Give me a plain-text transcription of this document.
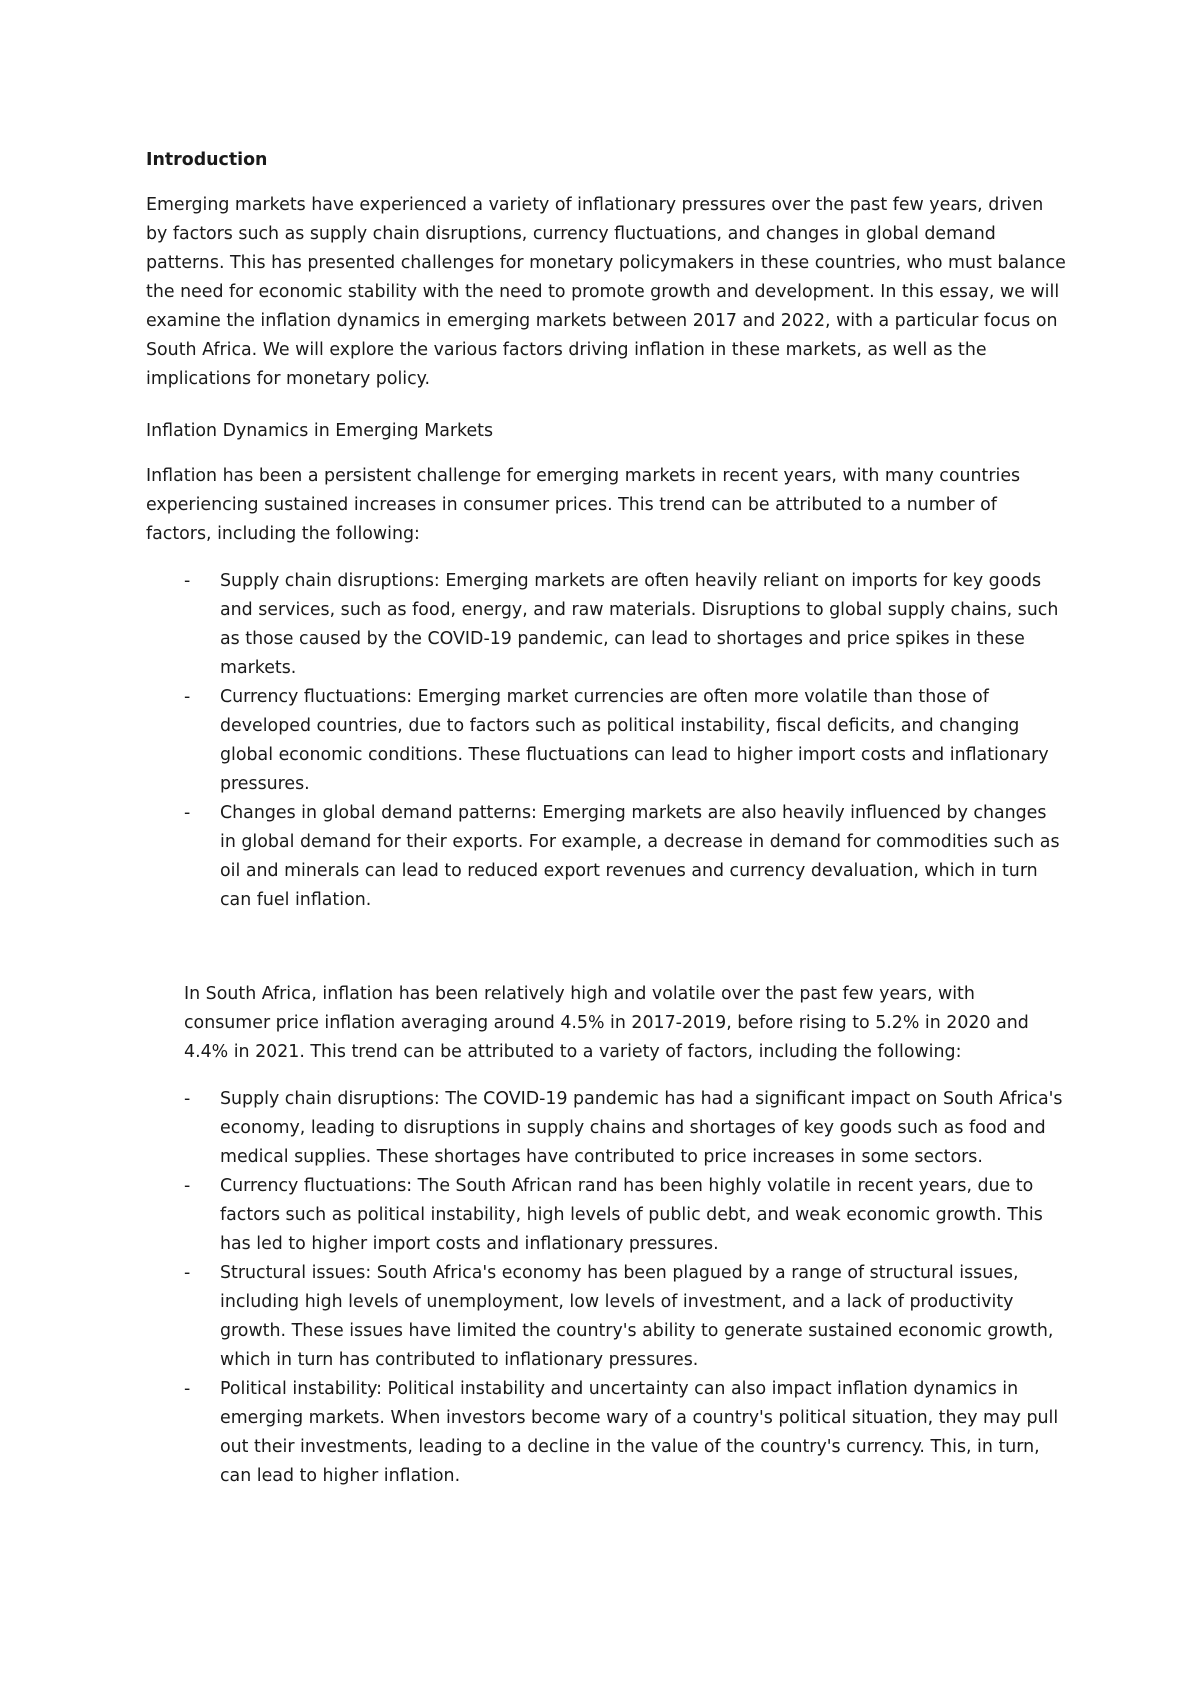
Introduction

Emerging markets have experienced a variety of inflationary pressures over the past few years, driven by factors such as supply chain disruptions, currency fluctuations, and changes in global demand patterns. This has presented challenges for monetary policymakers in these countries, who must balance the need for economic stability with the need to promote growth and development. In this essay, we will examine the inflation dynamics in emerging markets between 2017 and 2022, with a particular focus on South Africa. We will explore the various factors driving inflation in these markets, as well as the implications for monetary policy.

Inflation Dynamics in Emerging Markets

Inflation has been a persistent challenge for emerging markets in recent years, with many countries experiencing sustained increases in consumer prices. This trend can be attributed to a number of factors, including the following:

- Supply chain disruptions: Emerging markets are often heavily reliant on imports for key goods and services, such as food, energy, and raw materials. Disruptions to global supply chains, such as those caused by the COVID-19 pandemic, can lead to shortages and price spikes in these markets.
- Currency fluctuations: Emerging market currencies are often more volatile than those of developed countries, due to factors such as political instability, fiscal deficits, and changing global economic conditions. These fluctuations can lead to higher import costs and inflationary pressures.
- Changes in global demand patterns: Emerging markets are also heavily influenced by changes in global demand for their exports. For example, a decrease in demand for commodities such as oil and minerals can lead to reduced export revenues and currency devaluation, which in turn can fuel inflation.

In South Africa, inflation has been relatively high and volatile over the past few years, with consumer price inflation averaging around 4.5% in 2017-2019, before rising to 5.2% in 2020 and 4.4% in 2021. This trend can be attributed to a variety of factors, including the following:

- Supply chain disruptions: The COVID-19 pandemic has had a significant impact on South Africa's economy, leading to disruptions in supply chains and shortages of key goods such as food and medical supplies. These shortages have contributed to price increases in some sectors.
- Currency fluctuations: The South African rand has been highly volatile in recent years, due to factors such as political instability, high levels of public debt, and weak economic growth. This has led to higher import costs and inflationary pressures.
- Structural issues: South Africa's economy has been plagued by a range of structural issues, including high levels of unemployment, low levels of investment, and a lack of productivity growth. These issues have limited the country's ability to generate sustained economic growth, which in turn has contributed to inflationary pressures.
- Political instability: Political instability and uncertainty can also impact inflation dynamics in emerging markets. When investors become wary of a country's political situation, they may pull out their investments, leading to a decline in the value of the country's currency. This, in turn, can lead to higher inflation.
